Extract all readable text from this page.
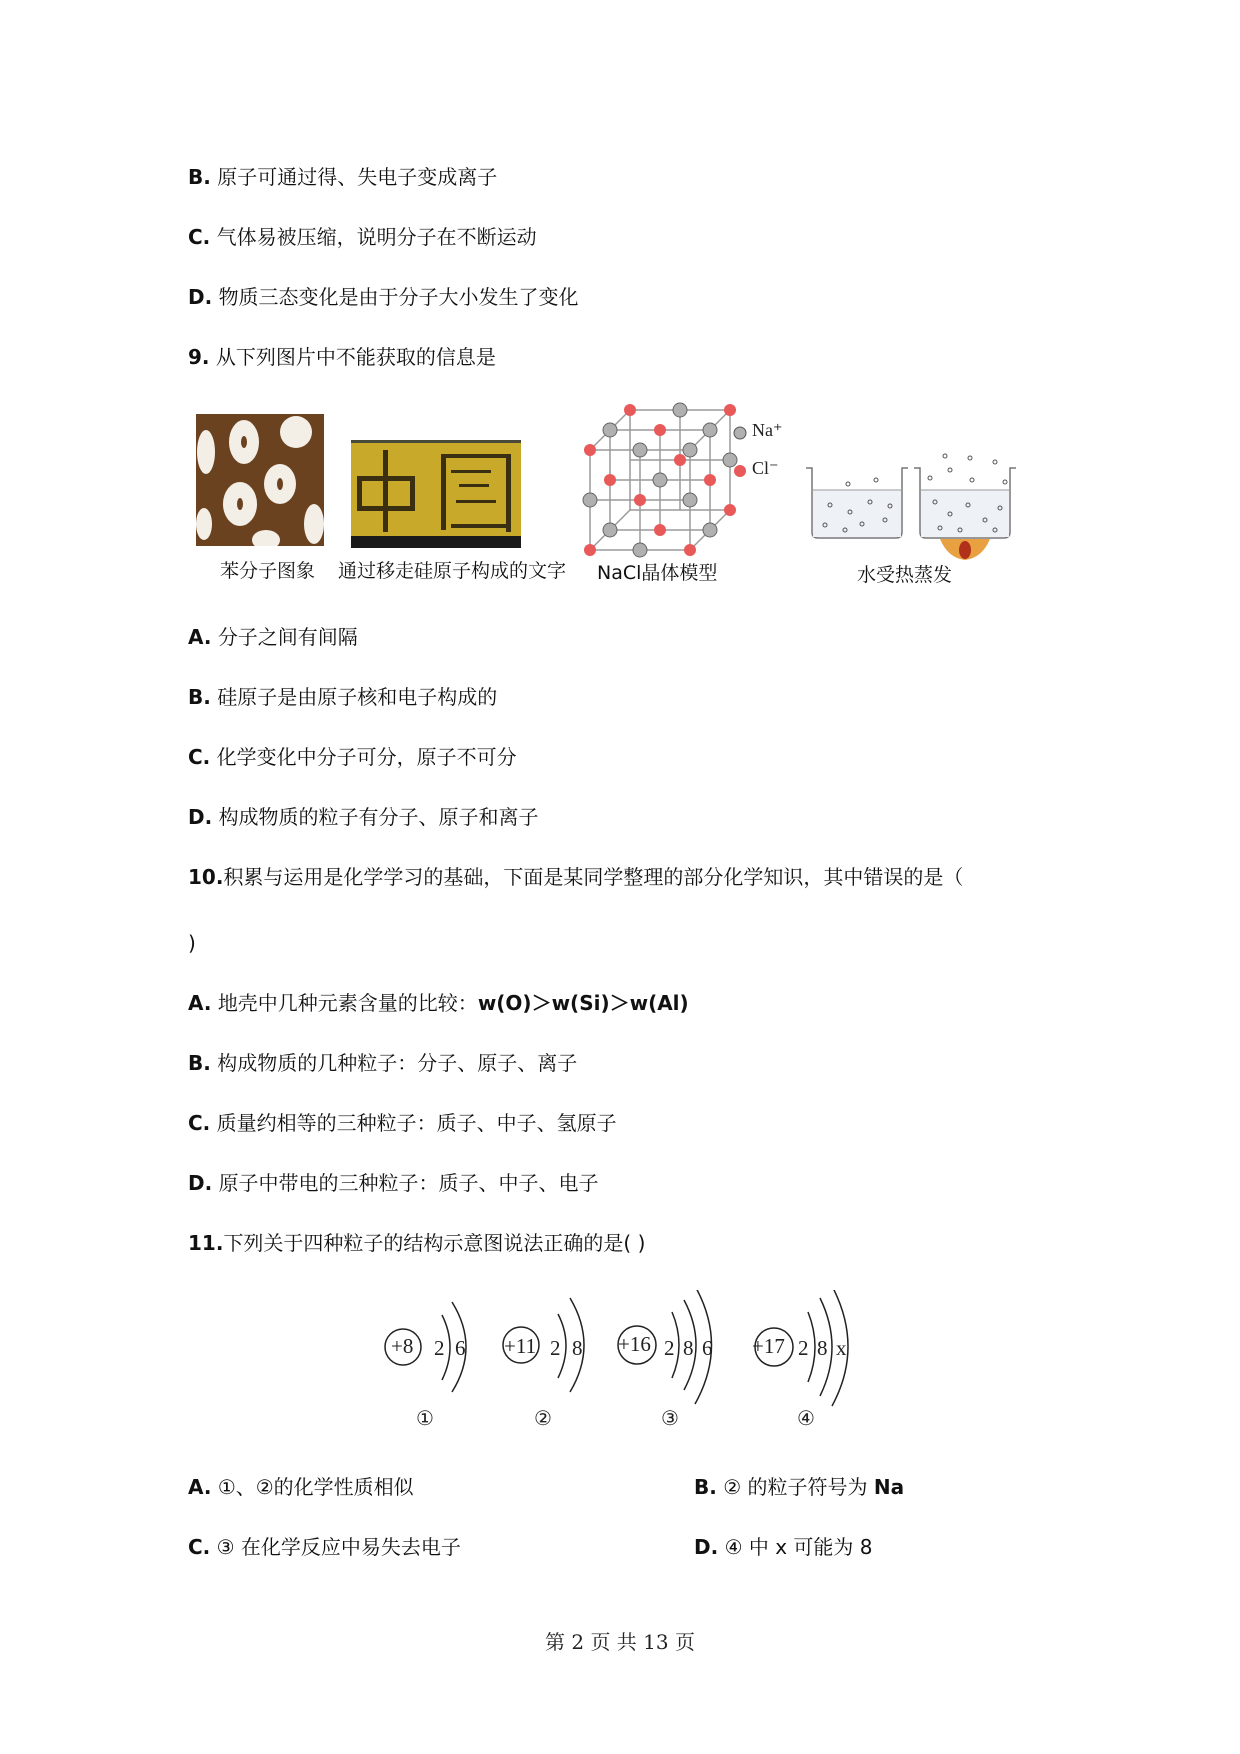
B. 原子可通过得、失电子变成离子
C. 气体易被压缩，说明分子在不断运动
D. 物质三态变化是由于分子大小发生了变化
9. 从下列图片中不能获取的信息是
苯分子图象 通过移走硅原子构成的文字
Na⁺
Cl⁻
NaCl晶体模型	水受热蒸发
A. 分子之间有间隔
B. 硅原子是由原子核和电子构成的
C. 化学变化中分子可分，原子不可分
D. 构成物质的粒子有分子、原子和离子
10.积累与运用是化学学习的基础，下面是某同学整理的部分化学知识，其中错误的是（
)
A. 地壳中几种元素含量的比较：w(O)＞w(Si)＞w(Al)
B. 构成物质的几种粒子：分子、原子、离子
C. 质量约相等的三种粒子：质子、中子、氢原子
D. 原子中带电的三种粒子：质子、中子、电子
11.下列关于四种粒子的结构示意图说法正确的是( )
+8 2 6
①
+11 2 8
②
+16 2 8 6
③
+17 2 8 x
④
A. ①、②的化学性质相似	B. ② 的粒子符号为 Na
C. ③ 在化学反应中易失去电子	D. ④ 中 x 可能为 8
第 2 页 共 13 页
